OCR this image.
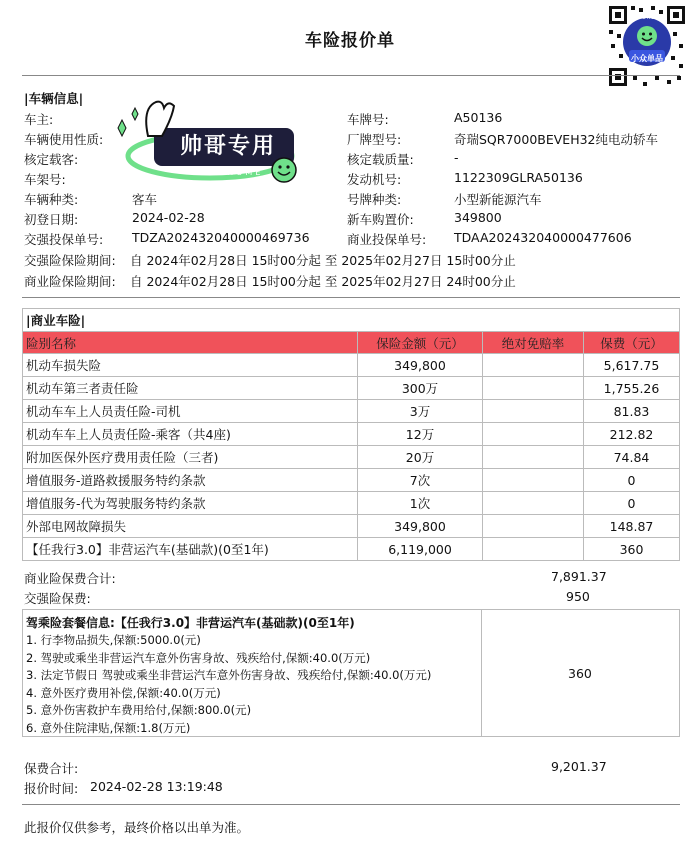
车险报价单
小众单品
AUTOHOME
|车辆信息|
车主:
车辆使用性质:
核定载客:
车架号:
车辆种类:	客车
初登日期:	2024-02-28
交强投保单号: TDZA202432040000469736
车牌号:	A50136
厂牌型号:	奇瑞SQR7000BEVEH32纯电动轿车
核定载质量:	-
发动机号:	1122309GLRA50136
号牌种类:	小型新能源汽车
新车购置价:	349800
商业投保单号: TDAA202432040000477606
交强险保险期间: 自 2024年02月28日 15时00分起 至 2025年02月27日 15时00分止
商业险保险期间: 自 2024年02月28日 15时00分起 至 2025年02月27日 24时00分止
帅哥专用
AUTOHOME
|商业车险|			
险别名称	保险金额（元）	绝对免赔率	保费（元）
机动车损失险	349,800		5,617.75
机动车第三者责任险	300万		1,755.26
机动车车上人员责任险-司机	3万		81.83
机动车车上人员责任险-乘客（共4座)	12万		212.82
附加医保外医疗费用责任险（三者)	20万		74.84
增值服务-道路救援服务特约条款	7次		0
增值服务-代为驾驶服务特约条款	1次		0
外部电网故障损失	349,800		148.87
【任我行3.0】非营运汽车(基础款)(0至1年)	6,119,000		360
商业险保费合计:	7,891.37
交强险保费:	950
驾乘险套餐信息:【任我行3.0】非营运汽车(基础款)(0至1年)
1. 行李物品损失,保额:5000.0(元)
2. 驾驶或乘坐非营运汽车意外伤害身故、残疾给付,保额:40.0(万元)
3. 法定节假日 驾驶或乘坐非营运汽车意外伤害身故、残疾给付,保额:40.0(万元)
4. 意外医疗费用补偿,保额:40.0(万元)
5. 意外伤害救护车费用给付,保额:800.0(元)
6. 意外住院津贴,保额:1.8(万元)
360
保费合计:	9,201.37
报价时间: 2024-02-28 13:19:48
此报价仅供参考，最终价格以出单为准。
